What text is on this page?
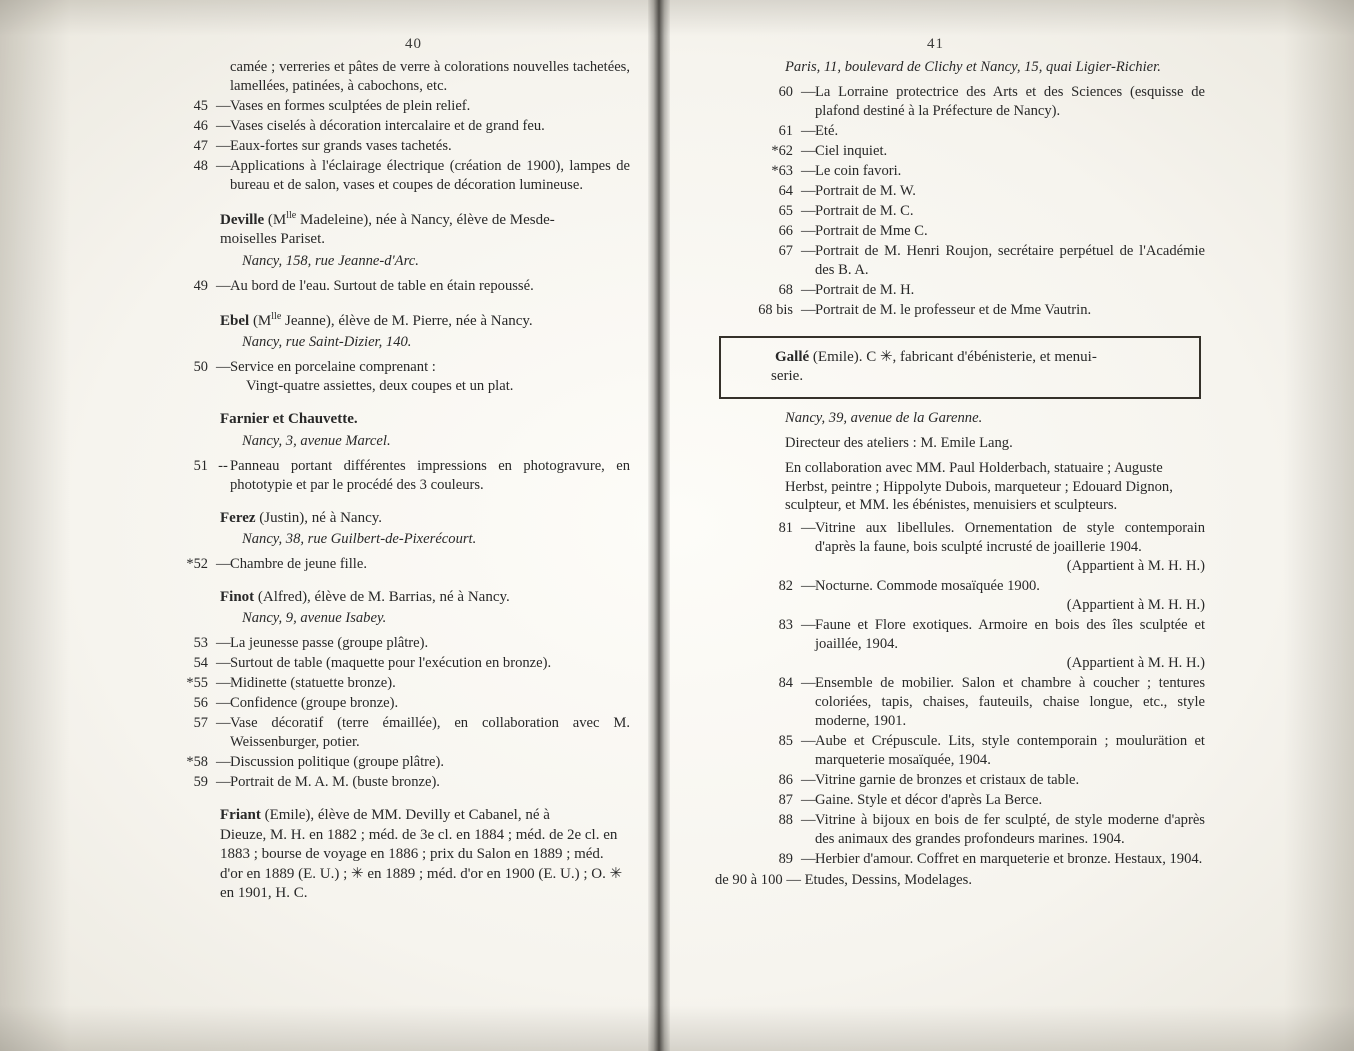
40
camée ; verreries et pâtes de verre à colorations nouvelles tachetées, lamellées, patinées, à cabochons, etc.
45 — Vases en formes sculptées de plein relief.
46 — Vases ciselés à décoration intercalaire et de grand feu.
47 — Eaux-fortes sur grands vases tachetés.
48 — Applications à l'éclairage électrique (création de 1900), lampes de bureau et de salon, vases et coupes de décoration lumineuse.
Deville ($M^{lle}$ Madeleine), née à Nancy, élève de Mesde-
moiselles Pariset.
Nancy, 158, rue Jeanne-d'Arc.
49 — Au bord de l'eau. Surtout de table en étain repoussé.
Ebel ($M^{lle}$ Jeanne), élève de M. Pierre, née à Nancy.
Nancy, rue Saint-Dizier, 140.
50 — Service en porcelaine comprenant :
Vingt-quatre assiettes, deux coupes et un plat.
Farnier et Chauvette.
Nancy, 3, avenue Marcel.
51 -- Panneau portant différentes impressions en photogravure, en phototypie et par le procédé des 3 couleurs.
Ferez (Justin), né à Nancy.
Nancy, 38, rue Guilbert-de-Pixerécourt.
*52 — Chambre de jeune fille.
Finot (Alfred), élève de M. Barrias, né à Nancy.
Nancy, 9, avenue Isabey.
53 — La jeunesse passe (groupe plâtre).
54 — Surtout de table (maquette pour l'exécution en bronze).
*55 — Midinette (statuette bronze).
56 — Confidence (groupe bronze).
57 — Vase décoratif (terre émaillée), en collaboration avec M. Weissenburger, potier.
*58 — Discussion politique (groupe plâtre).
59 — Portrait de M. A. M. (buste bronze).
Friant (Emile), élève de MM. Devilly et Cabanel, né à
Dieuze, M. H. en 1882 ; méd. de 3e cl. en 1884 ; méd. de 2e cl. en 1883 ; bourse de voyage en 1886 ; prix du Salon en 1889 ; méd. d'or en 1889 (E. U.) ; ✳ en 1889 ; méd. d'or en 1900 (E. U.) ; O. ✳ en 1901, H. C.
41
Paris, 11, boulevard de Clichy et Nancy, 15, quai Ligier-Richier.
60 — La Lorraine protectrice des Arts et des Sciences (esquisse de plafond destiné à la Préfecture de Nancy).
61 — Eté.
*62 — Ciel inquiet.
*63 — Le coin favori.
64 — Portrait de M. W.
65 — Portrait de M. C.
66 — Portrait de Mme C.
67 — Portrait de M. Henri Roujon, secrétaire perpétuel de l'Académie des B. A.
68 — Portrait de M. H.
68 bis — Portrait de M. le professeur et de Mme Vautrin.
Gallé (Emile). C ✳, fabricant d'ébénisterie, et menui-
serie.
Nancy, 39, avenue de la Garenne.
Directeur des ateliers : M. Emile Lang.
En collaboration avec MM. Paul Holderbach, statuaire ; Auguste Herbst, peintre ; Hippolyte Dubois, marqueteur ; Edouard Dignon, sculpteur, et MM. les ébénistes, menuisiers et sculpteurs.
81 — Vitrine aux libellules. Ornementation de style contemporain d'après la faune, bois sculpté incrusté de joaillerie 1904.
(Appartient à M. H. H.)
82 — Nocturne. Commode mosaïquée 1900.
(Appartient à M. H. H.)
83 — Faune et Flore exotiques. Armoire en bois des îles sculptée et joaillée, 1904.
(Appartient à M. H. H.)
84 — Ensemble de mobilier. Salon et chambre à coucher ; tentures coloriées, tapis, chaises, fauteuils, chaise longue, etc., style moderne, 1901.
85 — Aube et Crépuscule. Lits, style contemporain ; moulurätion et marqueterie mosaïquée, 1904.
86 — Vitrine garnie de bronzes et cristaux de table.
87 — Gaine. Style et décor d'après La Berce.
88 — Vitrine à bijoux en bois de fer sculpté, de style moderne d'après des animaux des grandes profondeurs marines. 1904.
89 — Herbier d'amour. Coffret en marqueterie et bronze. Hestaux, 1904.
de 90 à 100 — Etudes, Dessins, Modelages.
